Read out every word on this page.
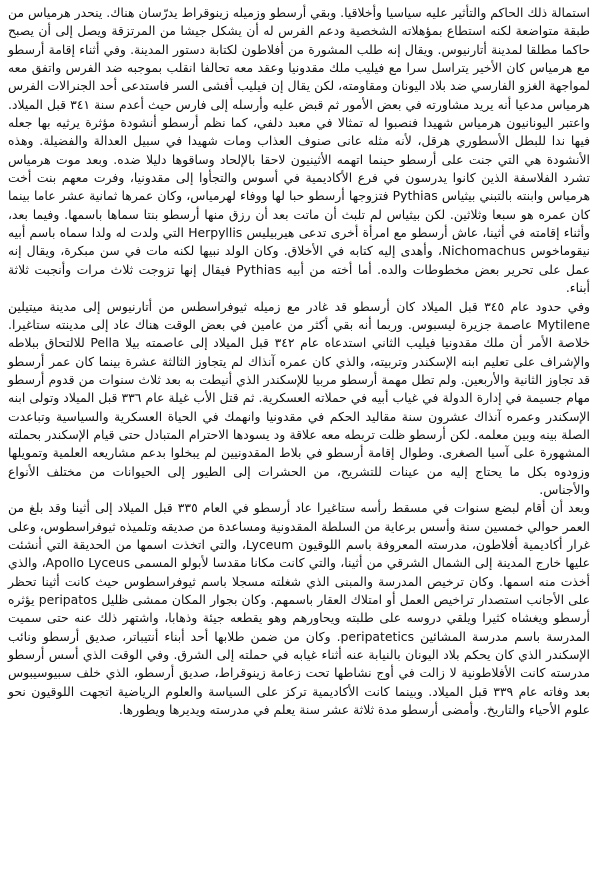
استمالة ذلك الحاكم والتأثير عليه سياسيا وأخلاقيا. وبقي أرسطو وزميله زينوقراط يدرّسان هناك. ينحدر هرمياس من طبقة متواضعة لكنه استطاع بمؤهلاته الشخصية ودعم الفرس له أن يشكل جيشا من المرتزقة ويصل إلى أن يصبح حاكما مطلقا لمدينة أتارنيوس. ويقال إنه طلب المشورة من أفلاطون لكتابة دستور المدينة. وفي أثناء إقامة أرسطو مع هرمياس كان الأخير يتراسل سرا مع فيليب ملك مقدونيا وعقد معه تحالفا انقلب بموجبه ضد الفرس واتفق معه لمواجهة الغزو الفارسي ضد بلاد اليونان ومقاومته، لكن يقال إن فيليب أفشى السر فاستدعى أحد الجنرالات الفرس هرمياس مدعيا أنه يريد مشاورته في بعض الأمور ثم قبض عليه وأرسله إلى فارس حيث أعدم سنة ٣٤١ قبل الميلاد. واعتبر اليونانيون هرمياس شهيدا فنصبوا له تمثالا في معبد دلفي، كما نظم أرسطو أنشودة مؤثرة يرثيه بها جعله فيها ندا للبطل الأسطوري هرقل، لأنه مثله عانى صنوف العذاب ومات شهيدا في سبيل العدالة والفضيلة. وهذه الأنشودة هي التي جنت على أرسطو حينما اتهمه الأثينيون لاحقا بالإلحاد وساقوها دليلا ضده. وبعد موت هرمياس تشرد الفلاسفة الذين كانوا يدرسون في فرع الأكاديمية في أسوس والتجأوا إلى مقدونيا، وفرت معهم بنت أخت هرمياس وابنته بالتبني بيثياس Pythias فتزوجها أرسطو حبا لها ووفاء لهرمياس، وكان عمرها ثمانية عشر عاما بينما كان عمره هو سبعا وثلاثين. لكن بيثياس لم تلبث أن ماتت بعد أن رزق منها أرسطو بنتا سماها باسمها. وفيما بعد، وأثناء إقامته في أثينا، عاش أرسطو مع امرأة أخرى تدعى هيربيليس Herpyllis التي ولدت له ولدا سماه باسم أبيه نيقوماخوس Nichomachus، وأهدى إليه كتابه في الأخلاق. وكان الولد نبيها لكنه مات في سن مبكرة، ويقال إنه عمل على تحرير بعض مخطوطات والده. أما أخته من أبيه Pythias فيقال إنها تزوجت ثلاث مرات وأنجبت ثلاثة أبناء.

وفي حدود عام ٣٤٥ قبل الميلاد كان أرسطو قد غادر مع زميله ثيوفراسطس من أتارنيوس إلى مدينة ميتيلين Mytilene عاصمة جزيرة ليسبوس. وربما أنه بقي أكثر من عامين في بعض الوقت هناك عاد إلى مدينته ستاغيرا. خلاصة الأمر أن ملك مقدونيا فيليب الثاني استدعاه عام ٣٤٢ قبل الميلاد إلى عاصمته بيلا Pella للالتحاق ببلاطه والإشراف على تعليم ابنه الإسكندر وتربيته، والذي كان عمره آنذاك لم يتجاوز الثالثة عشرة بينما كان عمر أرسطو قد تجاوز الثانية والأربعين. ولم تطل مهمة أرسطو مربيا للإسكندر الذي أنيطت به بعد ثلاث سنوات من قدوم أرسطو مهام جسيمة في إدارة الدولة في غياب أبيه في حملاته العسكرية. ثم قتل الأب غيلة عام ٣٣٦ قبل الميلاد وتولى ابنه الإسكندر وعمره آنذاك عشرون سنة مقاليد الحكم في مقدونيا وانهمك في الحياة العسكرية والسياسية وتباعدت الصلة بينه وبين معلمه. لكن أرسطو ظلت تربطه معه علاقة ود يسودها الاحترام المتبادل حتى قيام الإسكندر بحملته المشهورة على آسيا الصغرى. وطوال إقامة أرسطو في بلاط المقدونيين لم يبخلوا بدعم مشاريعه العلمية وتمويلها وزودوه بكل ما يحتاج إليه من عينات للتشريح، من الحشرات إلى الطيور إلى الحيوانات من مختلف الأنواع والأجناس.

وبعد أن أقام لبضع سنوات في مسقط رأسه ستاغيرا عاد أرسطو في العام ٣٣٥ قبل الميلاد إلى أثينا وقد بلغ من العمر حوالي خمسين سنة وأسس برعاية من السلطة المقدونية ومساعدة من صديقه وتلميذه ثيوفراسطوس، وعلى غرار أكاديمية أفلاطون، مدرسته المعروفة باسم اللوقيون Lyceum، والتي اتخذت اسمها من الحديقة التي أنشئت عليها خارج المدينة إلى الشمال الشرقي من أثينا، والتي كانت مكانا مقدسا لأبولو المسمى Apollo Lyceus، والذي أخذت منه اسمها. وكان ترخيص المدرسة والمبنى الذي شغلته مسجلا باسم ثيوفراسطوس حيث كانت أثينا تحظر على الأجانب استصدار تراخيص العمل أو امتلاك العقار باسمهم. وكان بجوار المكان ممشى ظليل peripatos يؤثره أرسطو ويغشاه كثيرا ويلقي دروسه على طلبته ويحاورهم وهو يقطعه جيئة وذهابا، واشتهر ذلك عنه حتى سميت المدرسة باسم مدرسة المشائين peripatetics. وكان من ضمن طلابها أحد أبناء أنتيباتر، صديق أرسطو ونائب الإسكندر الذي كان يحكم بلاد اليونان بالنيابة عنه أثناء غيابه في حملته إلى الشرق. وفي الوقت الذي أسس أرسطو مدرسته كانت الأفلاطونية لا زالت في أوج نشاطها تحت زعامة زينوقراط، صديق أرسطو، الذي خلف سبيوسيبوس بعد وفاته عام ٣٣٩ قبل الميلاد. وبينما كانت الأكاديمية تركز على السياسة والعلوم الرياضية اتجهت اللوقيون نحو علوم الأحياء والتاريخ. وأمضى أرسطو مدة ثلاثة عشر سنة يعلم في مدرسته ويديرها ويطورها.
